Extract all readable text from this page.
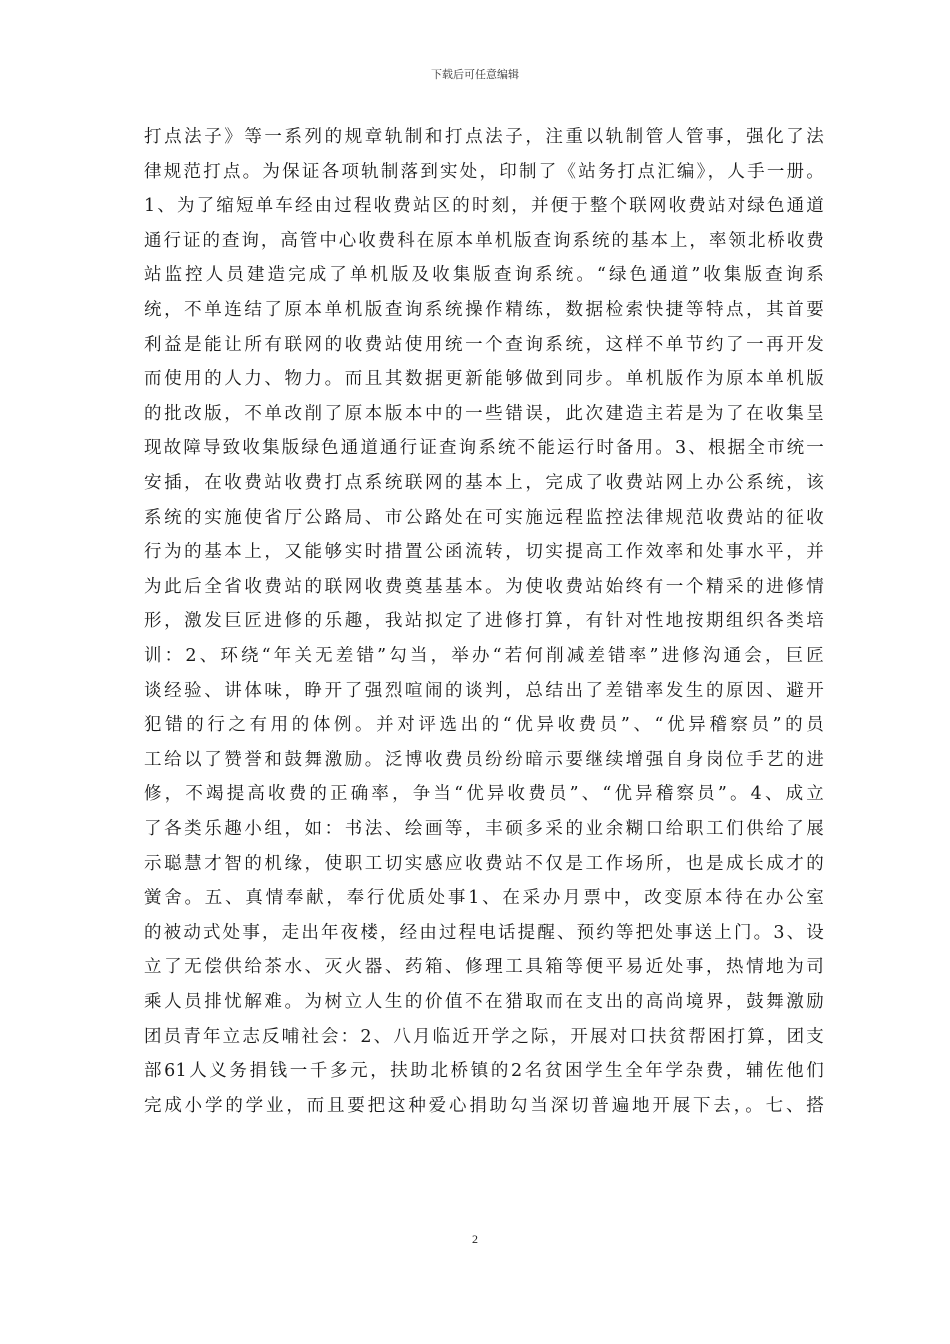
下载后可任意编辑
打点法子》等一系列的规章轨制和打点法子，注重以轨制管人管事，强化了法
律规范打点。为保证各项轨制落到实处，印制了《站务打点汇编》，人手一册。
1、为了缩短单车经由过程收费站区的时刻，并便于整个联网收费站对绿色通道
通行证的查询，高管中心收费科在原本单机版查询系统的基本上，率领北桥收费
站监控人员建造完成了单机版及收集版查询系统。“绿色通道”收集版查询系
统，不单连结了原本单机版查询系统操作精练，数据检索快捷等特点，其首要
利益是能让所有联网的收费站使用统一个查询系统，这样不单节约了一再开发
而使用的人力、物力。而且其数据更新能够做到同步。单机版作为原本单机版
的批改版，不单改削了原本版本中的一些错误，此次建造主若是为了在收集呈
现故障导致收集版绿色通道通行证查询系统不能运行时备用。3、根据全市统一
安插，在收费站收费打点系统联网的基本上，完成了收费站网上办公系统，该
系统的实施使省厅公路局、市公路处在可实施远程监控法律规范收费站的征收
行为的基本上，又能够实时措置公函流转，切实提高工作效率和处事水平，并
为此后全省收费站的联网收费奠基基本。为使收费站始终有一个精采的进修情
形，激发巨匠进修的乐趣，我站拟定了进修打算，有针对性地按期组织各类培
训：2、环绕“年关无差错”勾当，举办“若何削减差错率”进修沟通会，巨匠
谈经验、讲体味，睁开了强烈喧闹的谈判，总结出了差错率发生的原因、避开
犯错的行之有用的体例。并对评选出的“优异收费员”、“优异稽察员”的员
工给以了赞誉和鼓舞激励。泛博收费员纷纷暗示要继续增强自身岗位手艺的进
修，不竭提高收费的正确率，争当“优异收费员”、“优异稽察员”。4、成立
了各类乐趣小组，如：书法、绘画等，丰硕多采的业余糊口给职工们供给了展
示聪慧才智的机缘，使职工切实感应收费站不仅是工作场所，也是成长成才的
黉舍。五、真情奉献，奉行优质处事1、在采办月票中，改变原本待在办公室
的被动式处事，走出年夜楼，经由过程电话提醒、预约等把处事送上门。3、设
立了无偿供给茶水、灭火器、药箱、修理工具箱等便平易近处事，热情地为司
乘人员排忧解难。为树立人生的价值不在猎取而在支出的高尚境界，鼓舞激励
团员青年立志反哺社会：2、八月临近开学之际，开展对口扶贫帮困打算，团支
部61人义务捐钱一千多元，扶助北桥镇的2名贫困学生全年学杂费，辅佐他们
完成小学的学业，而且要把这种爱心捐助勾当深切普遍地开展下去，。七、搭
2
